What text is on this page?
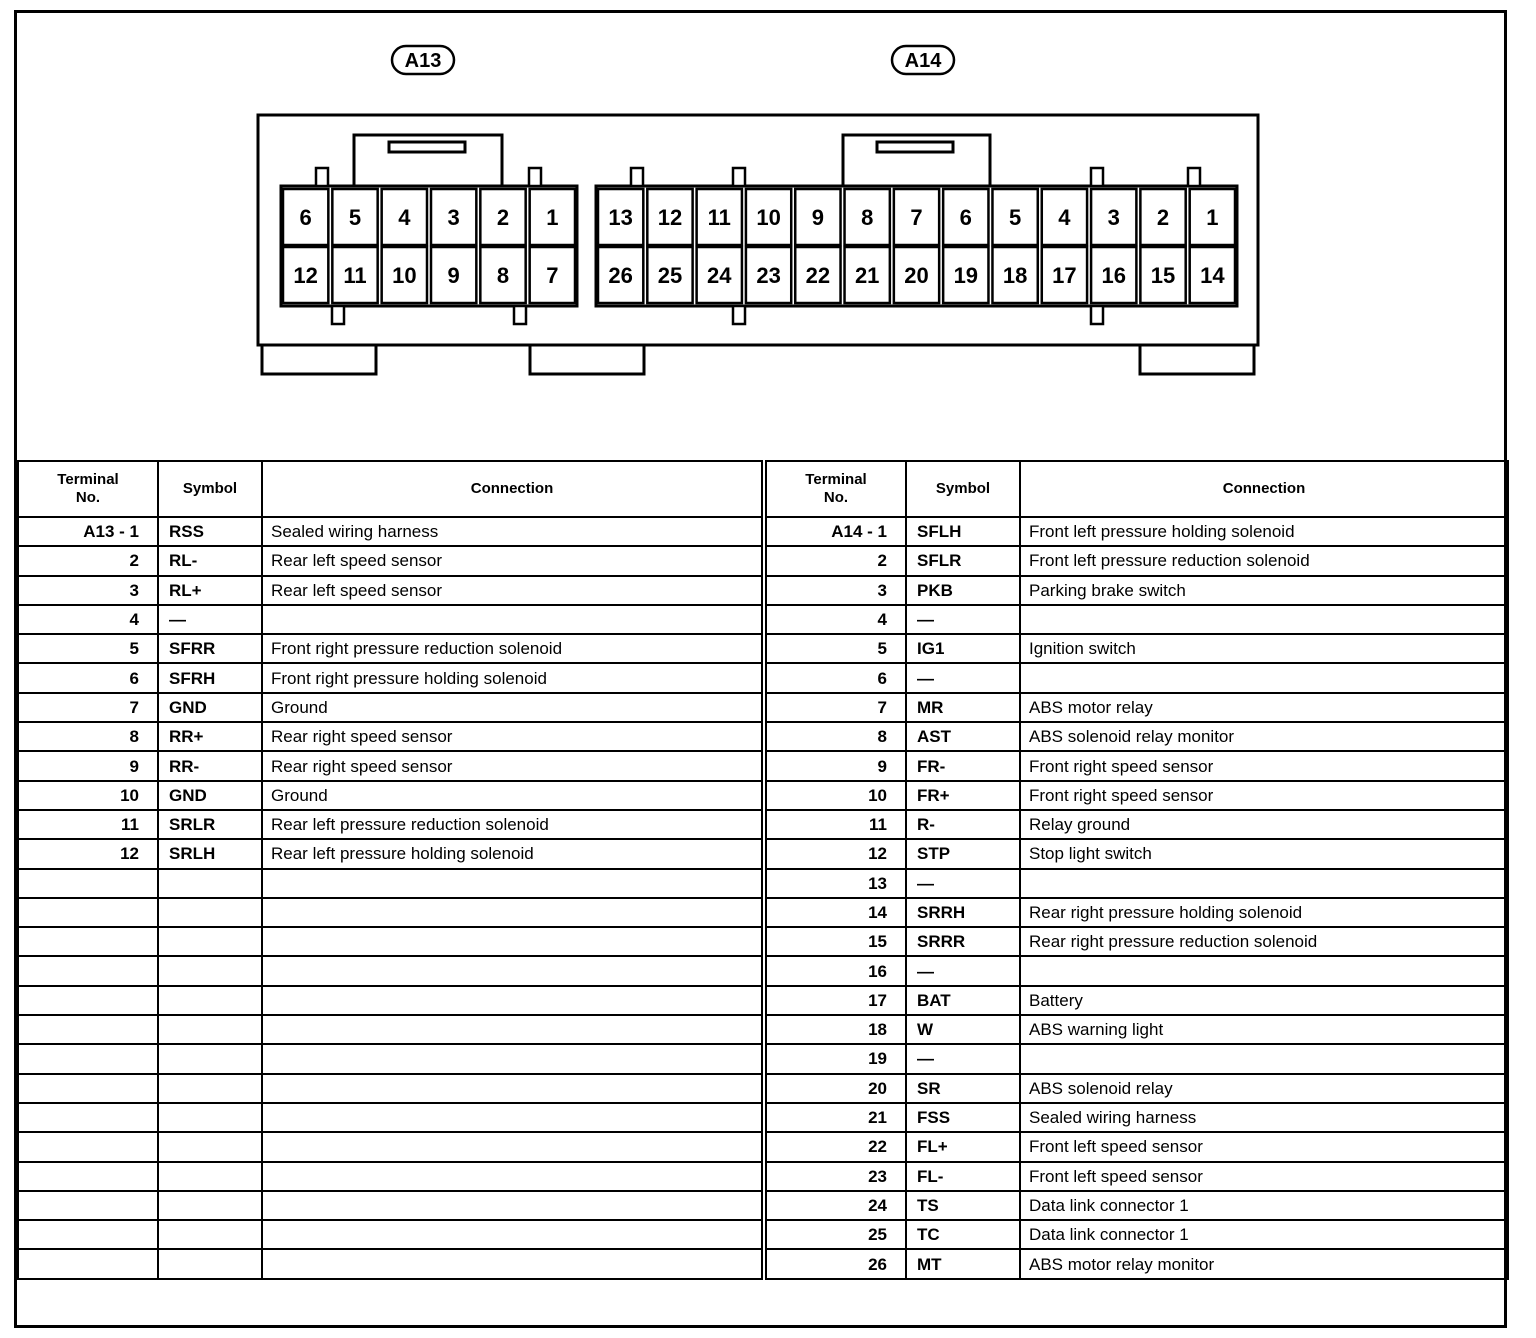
A13	A14
6 5 4 3 2 1
12 11 10 9 8 7
13 12 11 10 9 8 7 6 5 4 3 2 1
26 25 24 23 22 21 20 19 18 17 16 15 14
Terminal
No.	Symbol	Connection
A13 - 1	RSS	Sealed wiring harness
2	RL-	Rear left speed sensor
3	RL+	Rear left speed sensor
4	—	
5	SFRR	Front right pressure reduction solenoid
6	SFRH	Front right pressure holding solenoid
7	GND	Ground
8	RR+	Rear right speed sensor
9	RR-	Rear right speed sensor
10	GND	Ground
11	SRLR	Rear left pressure reduction solenoid
12	SRLH	Rear left pressure holding solenoid

Terminal
No.	Symbol	Connection
A14 - 1	SFLH	Front left pressure holding solenoid
2	SFLR	Front left pressure reduction solenoid
3	PKB	Parking brake switch
4	—	
5	IG1	Ignition switch
6	—	
7	MR	ABS motor relay
8	AST	ABS solenoid relay monitor
9	FR-	Front right speed sensor
10	FR+	Front right speed sensor
11	R-	Relay ground
12	STP	Stop light switch
13	—	
14	SRRH	Rear right pressure holding solenoid
15	SRRR	Rear right pressure reduction solenoid
16	—	
17	BAT	Battery
18	W	ABS warning light
19	—	
20	SR	ABS solenoid relay
21	FSS	Sealed wiring harness
22	FL+	Front left speed sensor
23	FL-	Front left speed sensor
24	TS	Data link connector 1
25	TC	Data link connector 1
26	MT	ABS motor relay monitor
